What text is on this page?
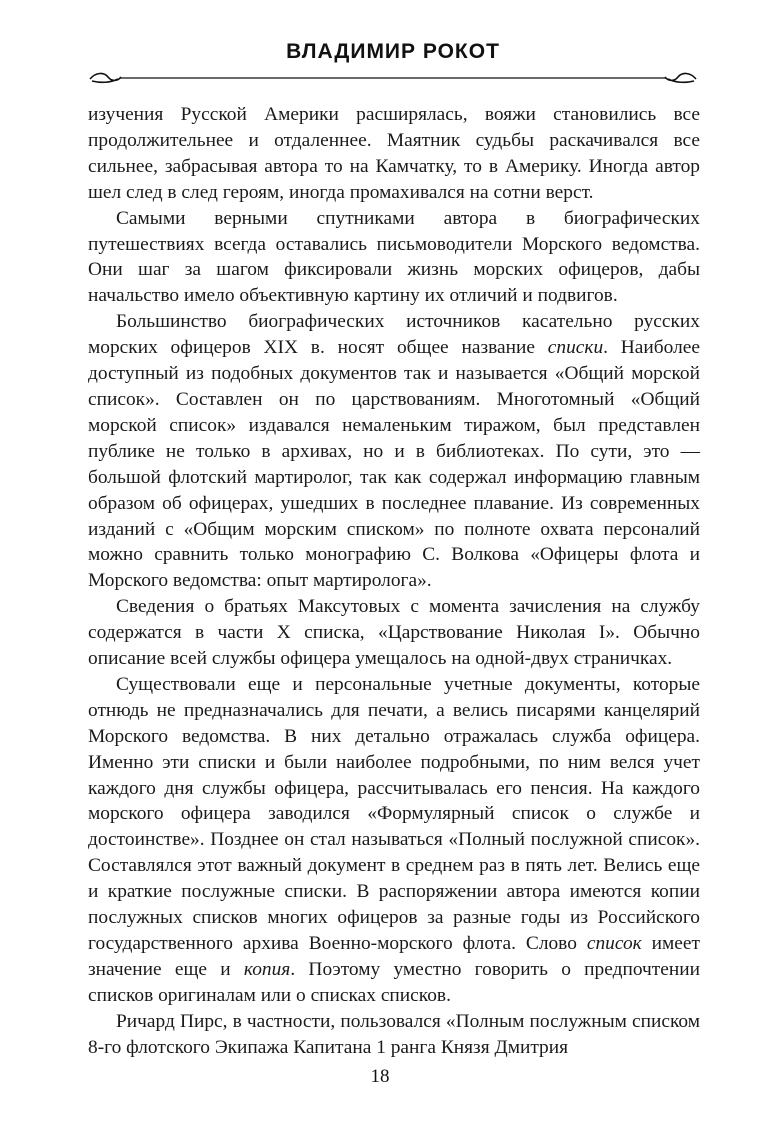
ВЛАДИМИР РОКОТ

изучения Русской Америки расширялась, вояжи становились все продолжительнее и отдаленнее. Маятник судьбы раскачивался все сильнее, забрасывая автора то на Камчатку, то в Америку. Иногда автор шел след в след героям, иногда промахивался на сотни верст.

Самыми верными спутниками автора в биографических путешествиях всегда оставались письмоводители Морского ведомства. Они шаг за шагом фиксировали жизнь морских офицеров, дабы начальство имело объективную картину их отличий и подвигов.

Большинство биографических источников касательно русских морских офицеров XIX в. носят общее название списки. Наиболее доступный из подобных документов так и называется «Общий морской список». Составлен он по царствованиям. Многотомный «Общий морской список» издавался немаленьким тиражом, был представлен публике не только в архивах, но и в библиотеках. По сути, это — большой флотский мартиролог, так как содержал информацию главным образом об офицерах, ушедших в последнее плавание. Из современных изданий с «Общим морским списком» по полноте охвата персоналий можно сравнить только монографию С. Волкова «Офицеры флота и Морского ведомства: опыт мартиролога».

Сведения о братьях Максутовых с момента зачисления на службу содержатся в части X списка, «Царствование Николая I». Обычно описание всей службы офицера умещалось на одной-двух страничках.

Существовали еще и персональные учетные документы, которые отнюдь не предназначались для печати, а велись писарями канцелярий Морского ведомства. В них детально отражалась служба офицера. Именно эти списки и были наиболее подробными, по ним велся учет каждого дня службы офицера, рассчитывалась его пенсия. На каждого морского офицера заводился «Формулярный список о службе и достоинстве». Позднее он стал называться «Полный послужной список». Составлялся этот важный документ в среднем раз в пять лет. Велись еще и краткие послужные списки. В распоряжении автора имеются копии послужных списков многих офицеров за разные годы из Российского государственного архива Военно-морского флота. Слово список имеет значение еще и копия. Поэтому уместно говорить о предпочтении списков оригиналам или о списках списков.

Ричард Пирс, в частности, пользовался «Полным послужным списком 8-го флотского Экипажа Капитана 1 ранга Князя Дмитрия

18
